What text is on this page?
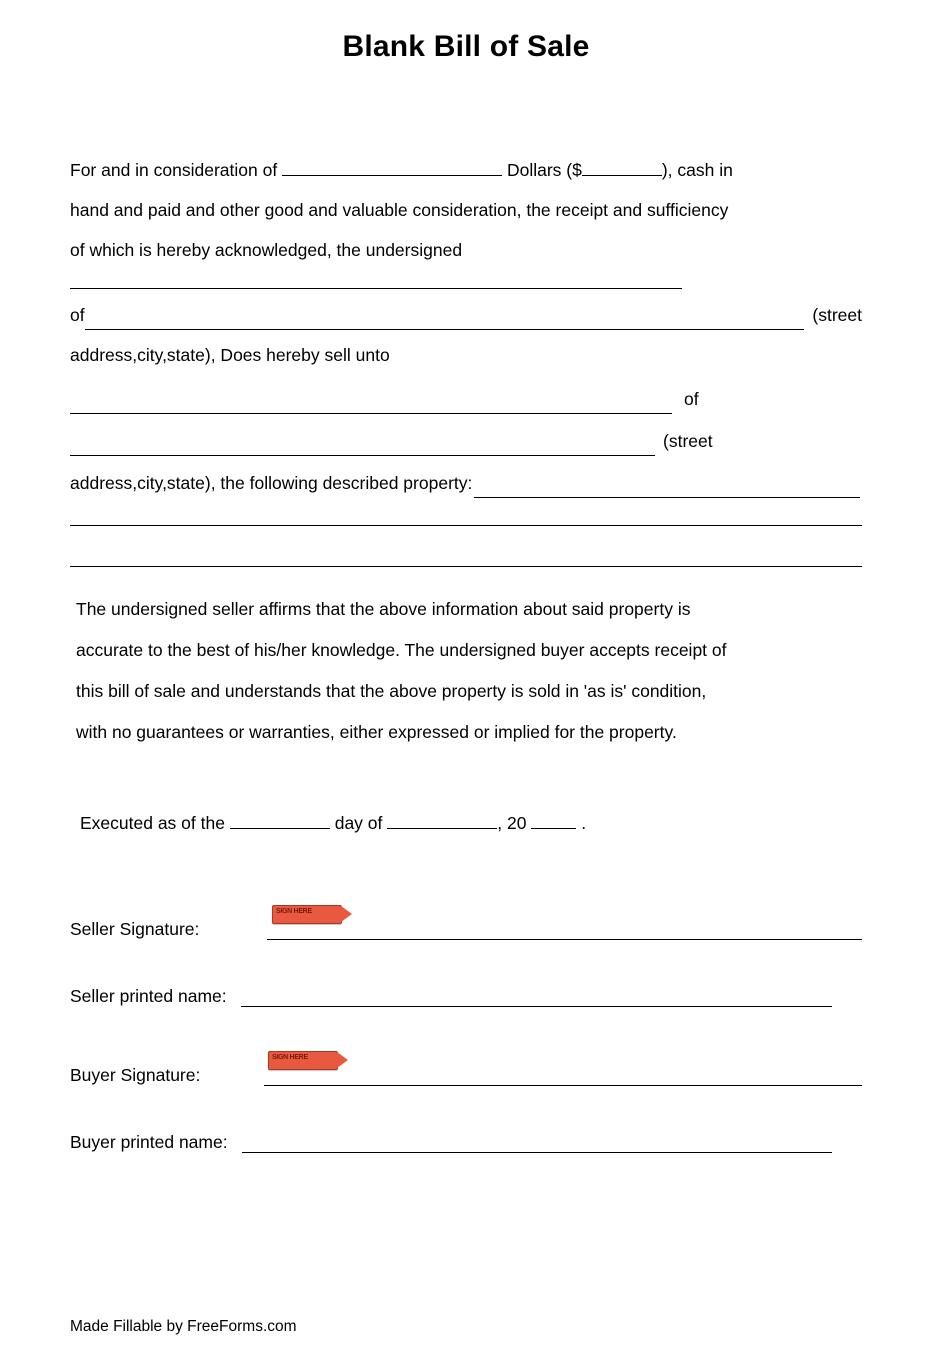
Blank Bill of Sale
For and in consideration of	Dollars ($	), cash in
hand and paid and other good and valuable consideration, the receipt and sufficiency
of which is hereby acknowledged, the undersigned
of	(street
address,city,state), Does hereby sell unto
of
(street
address,city,state), the following described property:
The undersigned seller affirms that the above information about said property is
accurate to the best of his/her knowledge. The undersigned buyer accepts receipt of
this bill of sale and understands that the above property is sold in 'as is' condition,
with no guarantees or warranties, either expressed or implied for the property.
Executed as of the	day of	, 20	.
Seller Signature:
SIGN HERE
Seller printed name:
Buyer Signature:
SIGN HERE
Buyer printed name:
Made Fillable by FreeForms.com
